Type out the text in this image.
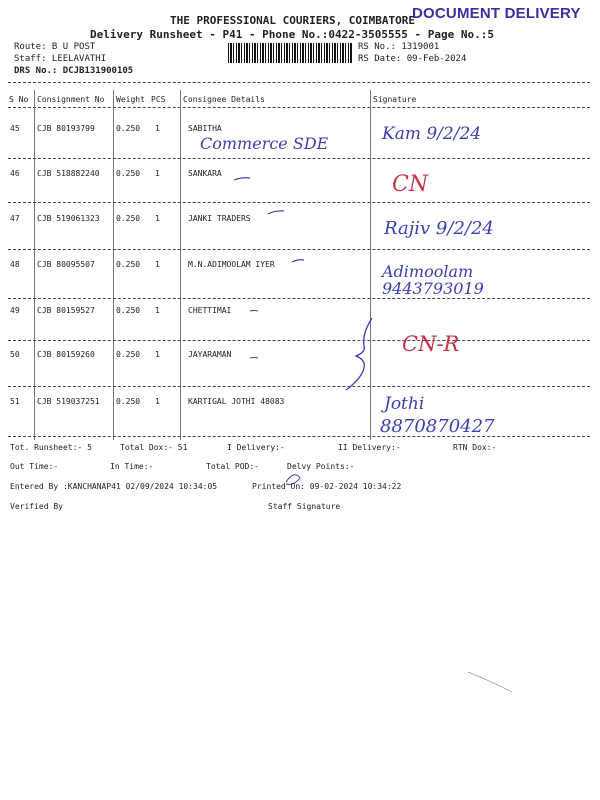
THE PROFESSIONAL COURIERS, COIMBATORE
DOCUMENT DELIVERY
Delivery Runsheet - P41 - Phone No.:0422-3505555 - Page No.:5
Route: B U POST
Staff: LEELAVATHI
DRS No.: DCJB131900105
RS No.: 1319001
RS Date: 09-Feb-2024
S No Consignment No Weight PCS Consignee Details	Signature
45 CJB 80193799	0.250 1	SABITHA
Commerce SDE	Kam 9/2/24
46 CJB 518882240 0.250 1	SANKARA	CN
47 CJB 519061323 0.250 1	JANKI TRADERS	Rajiv 9/2/24
48 CJB 80095507	0.250 1	M.N.ADIMOOLAM IYER	Adimoolam
9443793019
49 CJB 80159527	0.250 1	CHETTIMAI
50 CJB 80159260	0.250 1	JAYARAMAN	CN-R
51 CJB 519037251 0.250 1	KARTIGAL JOTHI 48083	Jothi
8870870427
Tot. Runsheet:- 5	Total Dox:- 51	I Delivery:-	II Delivery:-	RTN Dox:-
Out Time:-	In Time:-	Total POD:-	Delvy Points:-
Entered By :KANCHANAP41 02/09/2024 10:34:05	Printed On: 09-02-2024 10:34:22
Verified By	Staff Signature
